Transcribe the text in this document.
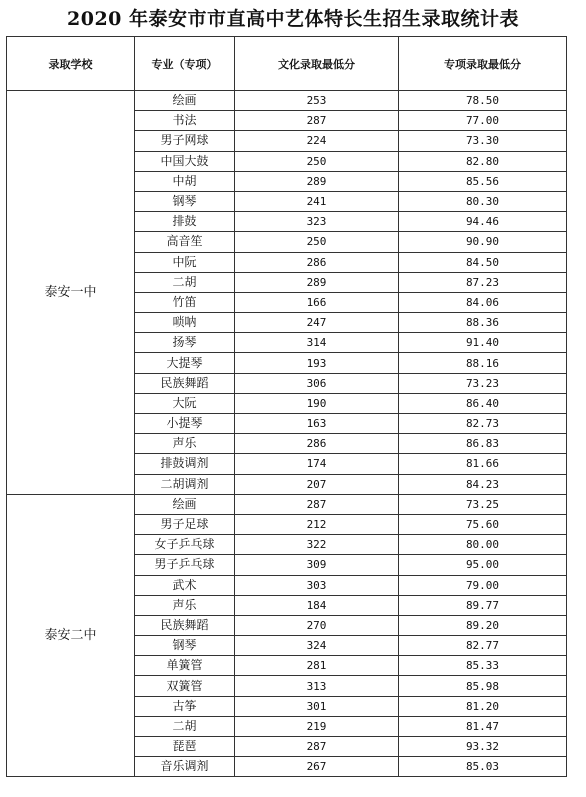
2020 年泰安市市直高中艺体特长生招生录取统计表
录取学校	专业（专项）	文化录取最低分	专项录取最低分
泰安一中	绘画	253	78.50
	书法	287	77.00
	男子网球	224	73.30
	中国大鼓	250	82.80
	中胡	289	85.56
	钢琴	241	80.30
	排鼓	323	94.46
	高音笙	250	90.90
	中阮	286	84.50
	二胡	289	87.23
	竹笛	166	84.06
	唢呐	247	88.36
	扬琴	314	91.40
	大提琴	193	88.16
	民族舞蹈	306	73.23
	大阮	190	86.40
	小提琴	163	82.73
	声乐	286	86.83
	排鼓调剂	174	81.66
	二胡调剂	207	84.23
泰安二中	绘画	287	73.25
	男子足球	212	75.60
	女子乒乓球	322	80.00
	男子乒乓球	309	95.00
	武术	303	79.00
	声乐	184	89.77
	民族舞蹈	270	89.20
	钢琴	324	82.77
	单簧管	281	85.33
	双簧管	313	85.98
	古筝	301	81.20
	二胡	219	81.47
	琵琶	287	93.32
	音乐调剂	267	85.03
